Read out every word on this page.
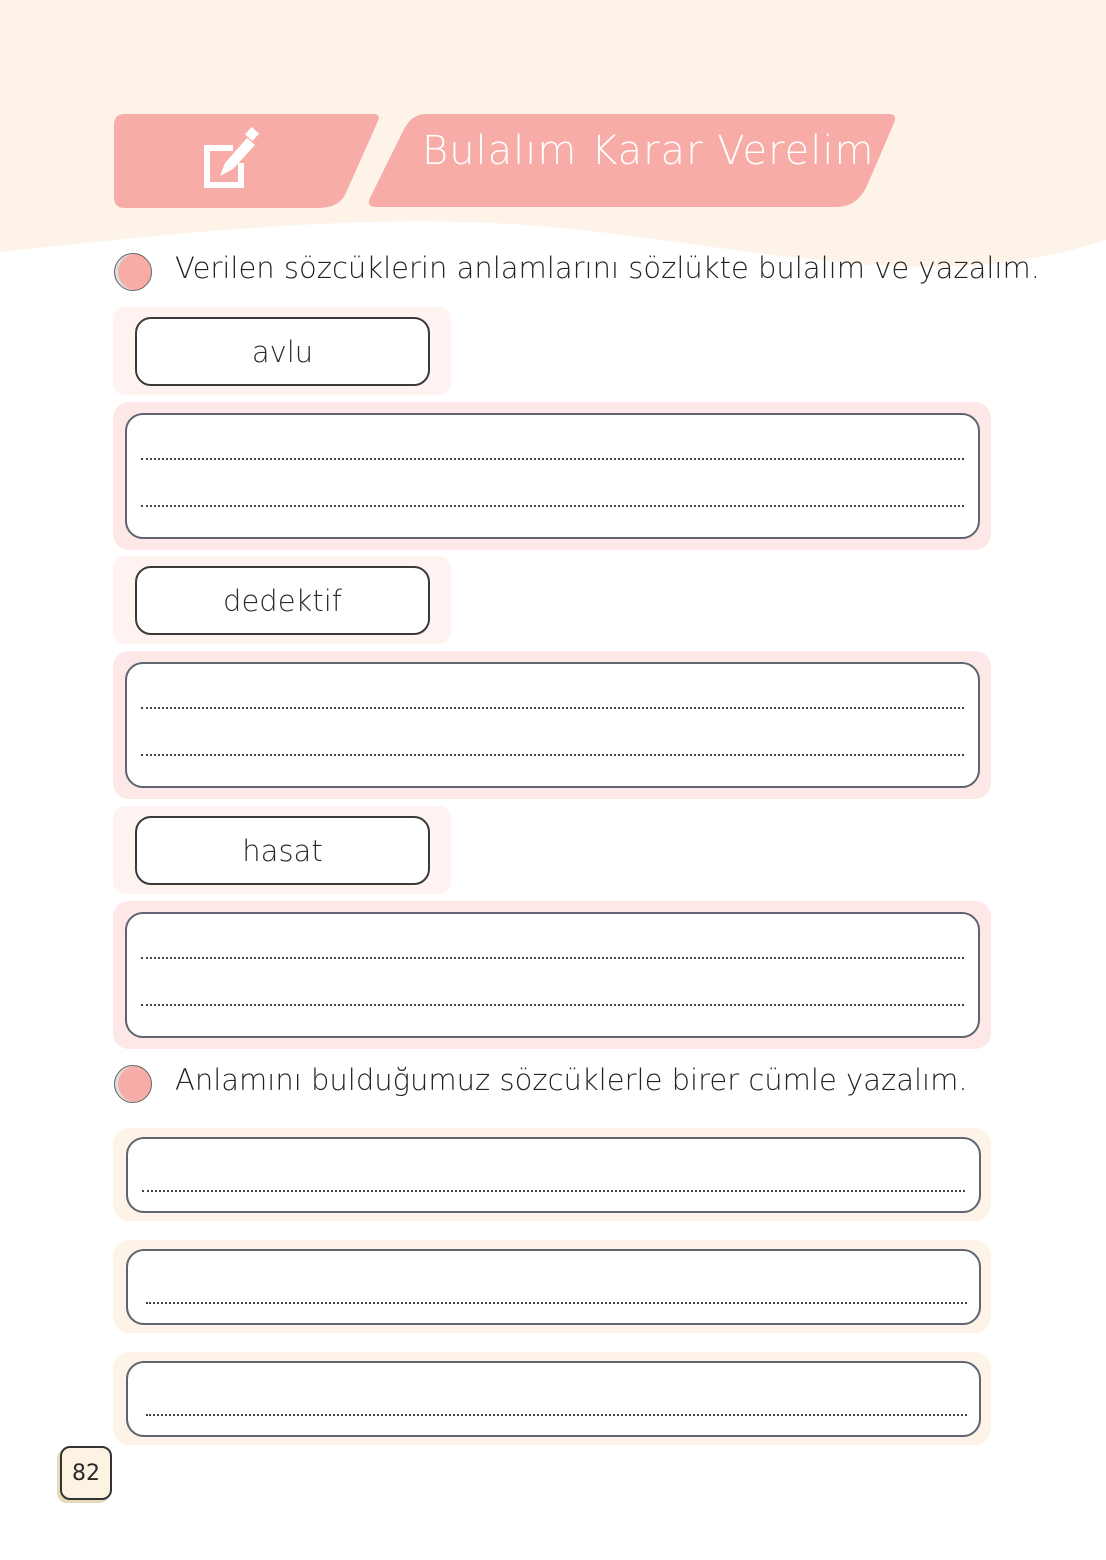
Bulalım Karar Verelim
Verilen sözcüklerin anlamlarını sözlükte bulalım ve yazalım.
avlu
dedektif
hasat
Anlamını bulduğumuz sözcüklerle birer cümle yazalım.
82
